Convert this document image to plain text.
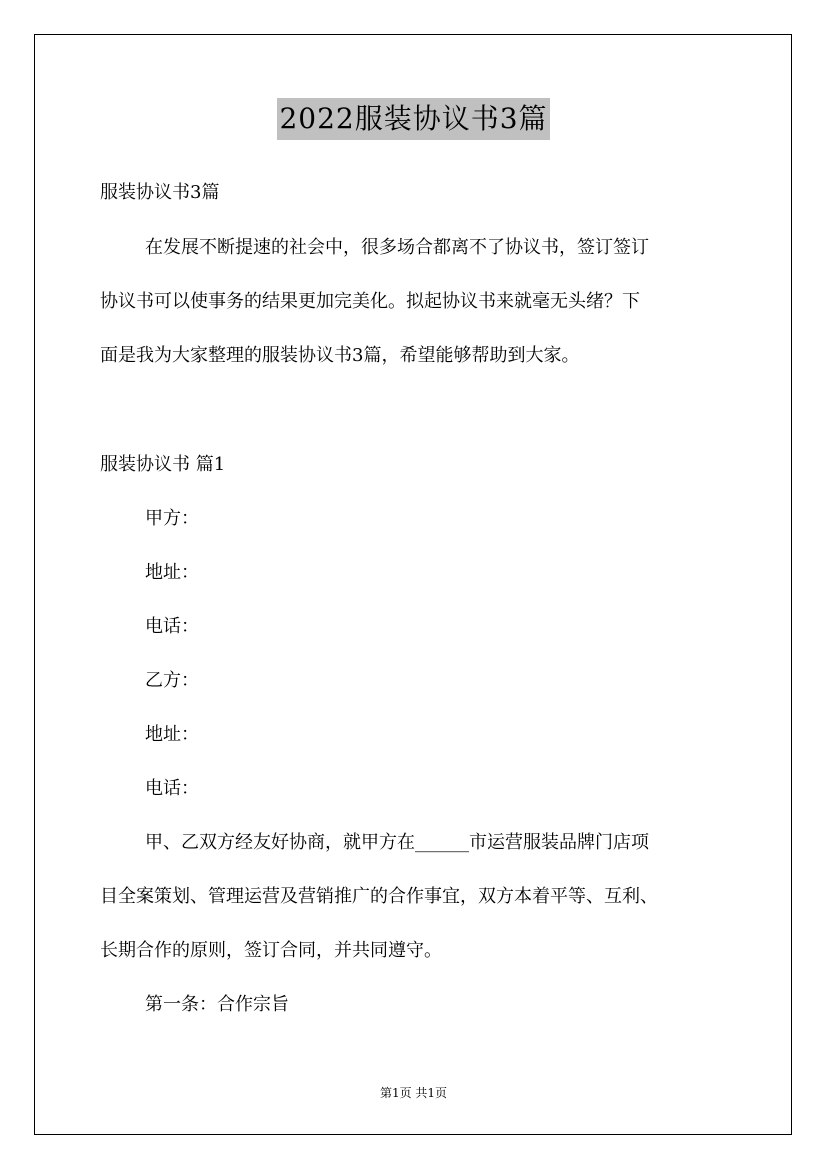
2022服装协议书3篇
服装协议书3篇
在发展不断提速的社会中，很多场合都离不了协议书，签订签订
协议书可以使事务的结果更加完美化。拟起协议书来就毫无头绪？下
面是我为大家整理的服装协议书3篇，希望能够帮助到大家。
服装协议书 篇1
甲方：
地址：
电话：
乙方：
地址：
电话：
甲、乙双方经友好协商，就甲方在______市运营服装品牌门店项
目全案策划、管理运营及营销推广的合作事宜，双方本着平等、互利、
长期合作的原则，签订合同，并共同遵守。
第一条：合作宗旨
第1页 共1页
